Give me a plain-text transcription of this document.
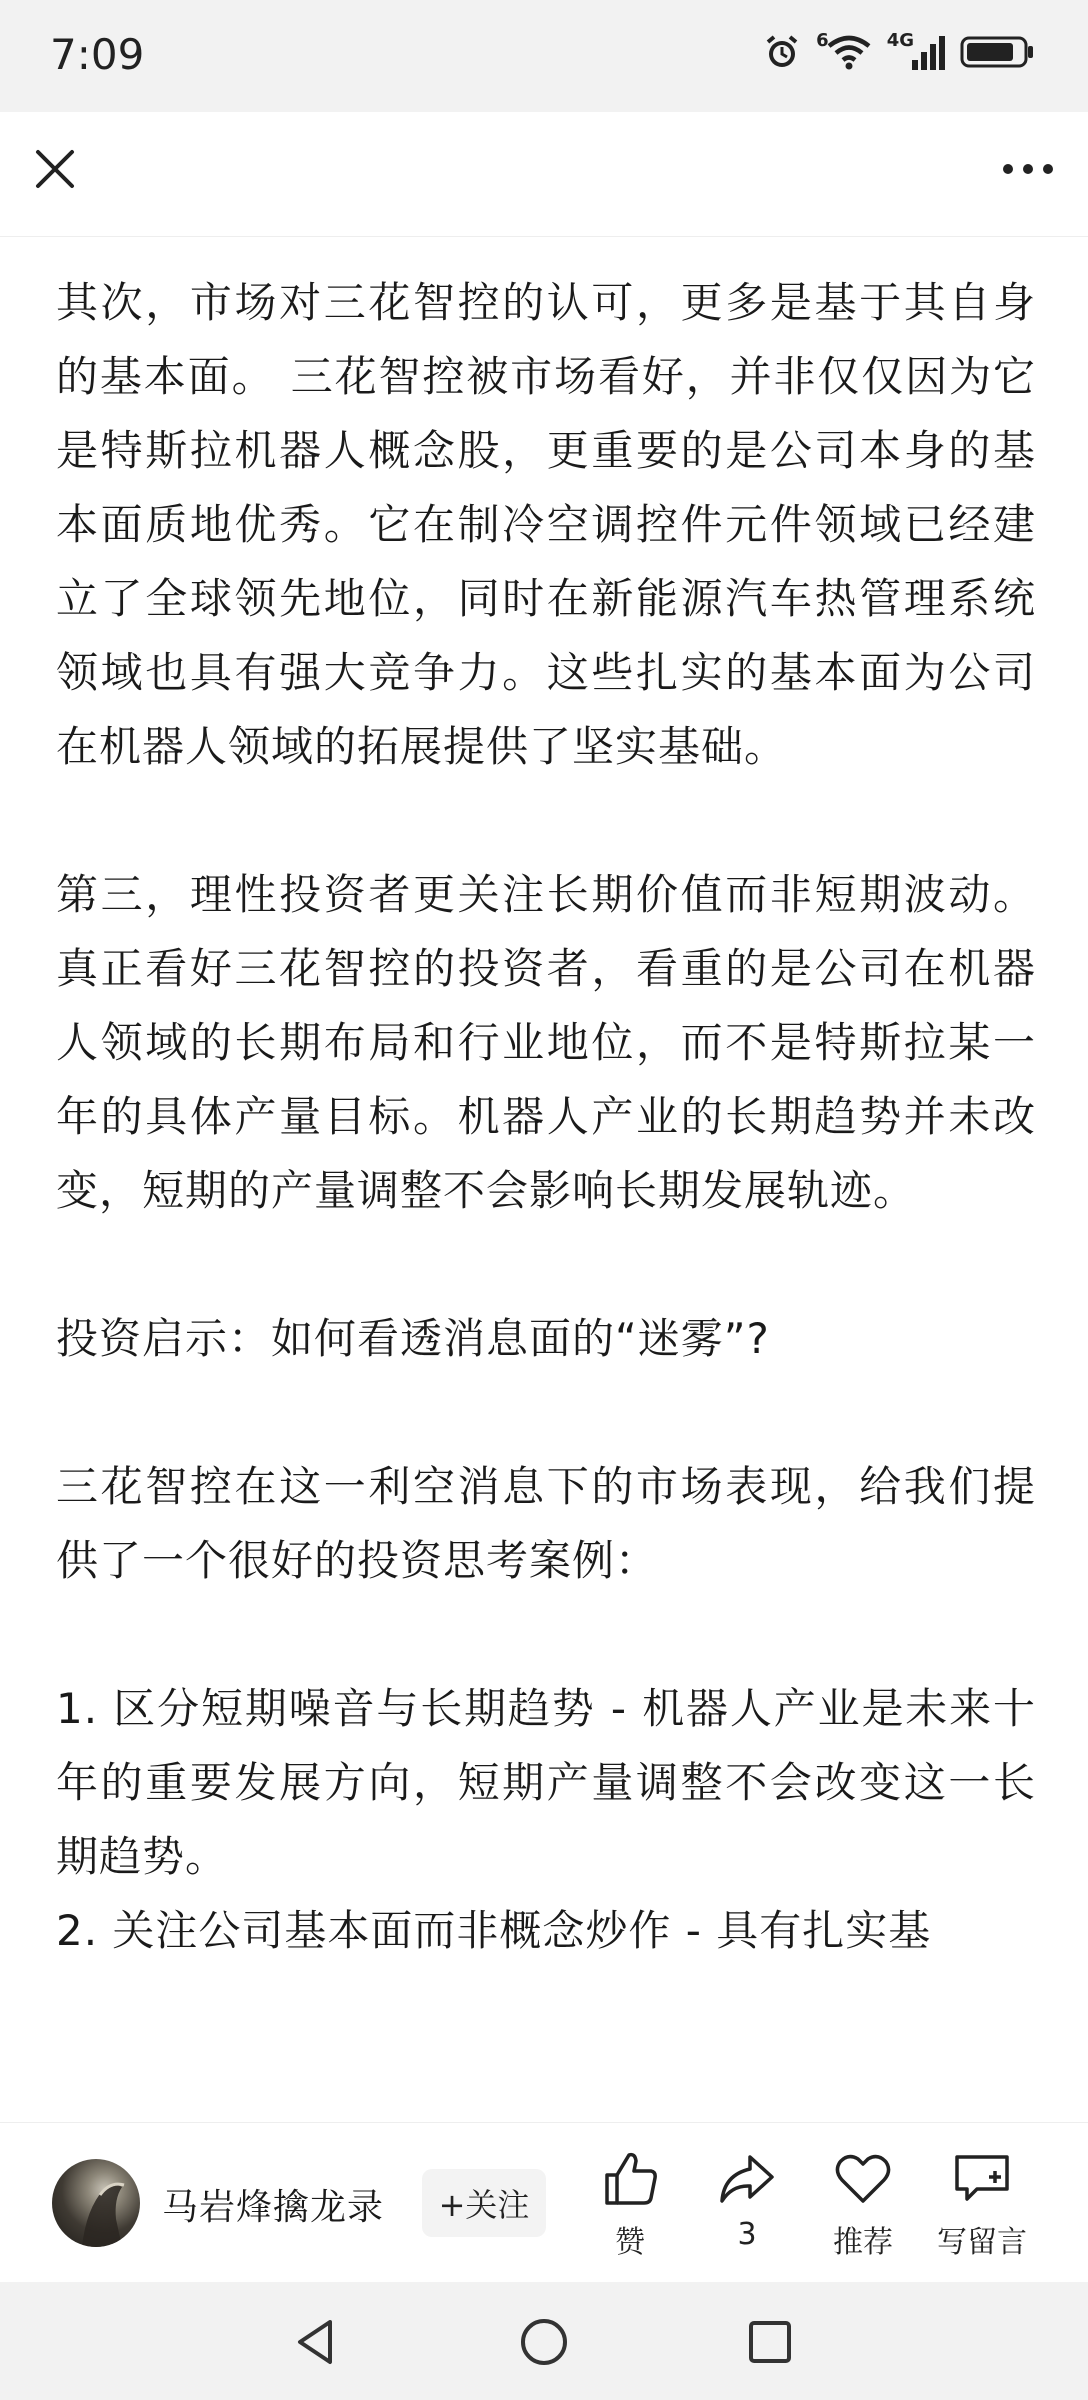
7:09	6	4G

其次，市场对三花智控的认可，更多是基于其自身的基本面。 三花智控被市场看好，并非仅仅因为它是特斯拉机器人概念股，更重要的是公司本身的基本面质地优秀。它在制冷空调控件元件领域已经建立了全球领先地位，同时在新能源汽车热管理系统领域也具有强大竞争力。这些扎实的基本面为公司在机器人领域的拓展提供了坚实基础。

第三，理性投资者更关注长期价值而非短期波动。 真正看好三花智控的投资者，看重的是公司在机器人领域的长期布局和行业地位，而不是特斯拉某一年的具体产量目标。机器人产业的长期趋势并未改变，短期的产量调整不会影响长期发展轨迹。

投资启示：如何看透消息面的“迷雾”?

三花智控在这一利空消息下的市场表现，给我们提供了一个很好的投资思考案例：

1. 区分短期噪音与长期趋势 - 机器人产业是未来十年的重要发展方向，短期产量调整不会改变这一长期趋势。

2. 关注公司基本面而非概念炒作 - 具有扎实基

马岩烽擒龙录	+关注
赞	3	推荐 写留言
